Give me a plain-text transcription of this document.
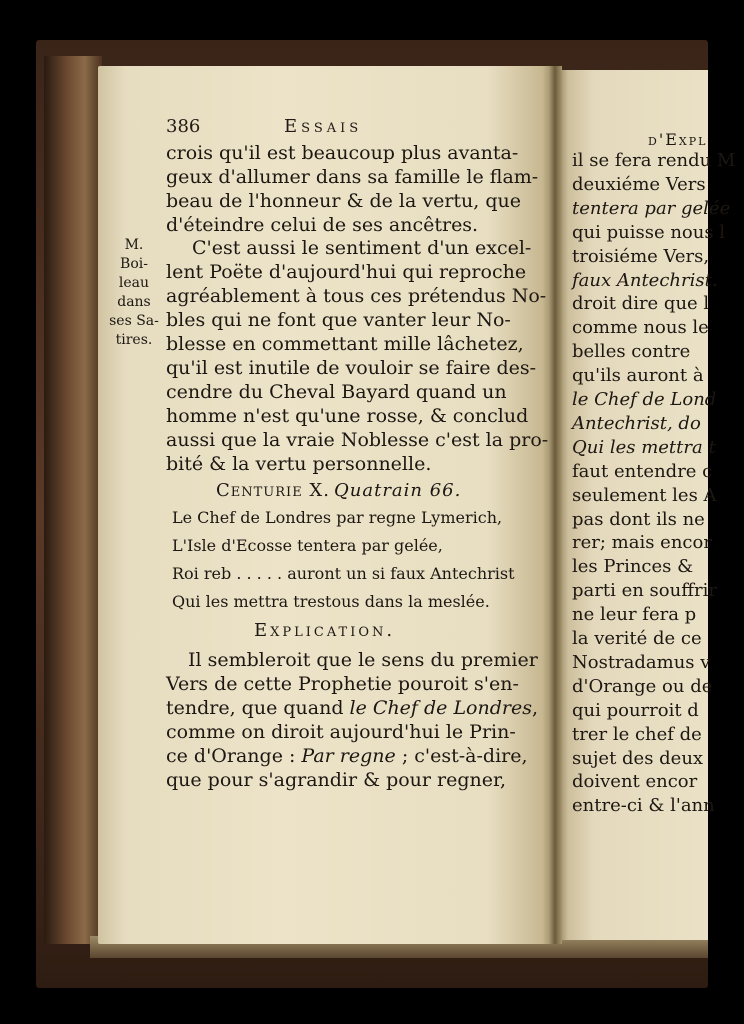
386	Essais
M.
Boi-
leau
dans
ses Sa-
tires.
crois qu'il est beaucoup plus avanta-
geux d'allumer dans sa famille le flam-
beau de l'honneur & de la vertu, que
d'éteindre celui de ses ancêtres.
C'est aussi le sentiment d'un excel-
lent Poëte d'aujourd'hui qui reproche
agréablement à tous ces prétendus No-
bles qui ne font que vanter leur No-
blesse en commettant mille lâchetez,
qu'il est inutile de vouloir se faire des-
cendre du Cheval Bayard quand un
homme n'est qu'une rosse, & conclud
aussi que la vraie Noblesse c'est la pro-
bité & la vertu personnelle.
Centurie X. Quatrain 66.
Le Chef de Londres par regne Lymerich,
L'Isle d'Ecosse tentera par gelée,
Roi reb . . . . . auront un si faux Antechrist
Qui les mettra trestous dans la meslée.
Explication.
Il sembleroit que le sens du premier
Vers de cette Prophetie pouroit s'en-
tendre, que quand le Chef de Londres,
comme on diroit aujourd'hui le Prin-
ce d'Orange : Par regne ; c'est-à-dire,
que pour s'agrandir & pour regner,
d'Expl
il se fera rendu M
deuxiéme Vers
tentera par gelée
qui puisse nous l
troisiéme Vers,
faux Antechrist.
droit dire que l
comme nous le
belles contre
qu'ils auront à
le Chef de Lond
Antechrist, do
Qui les mettra t
faut entendre c
seulement les A
pas dont ils ne
rer; mais encor
les Princes &
parti en souffrir
ne leur fera p
la verité de ce
Nostradamus v
d'Orange ou de
qui pourroit d
trer le chef de
sujet des deux
doivent encor
entre-ci & l'ann
